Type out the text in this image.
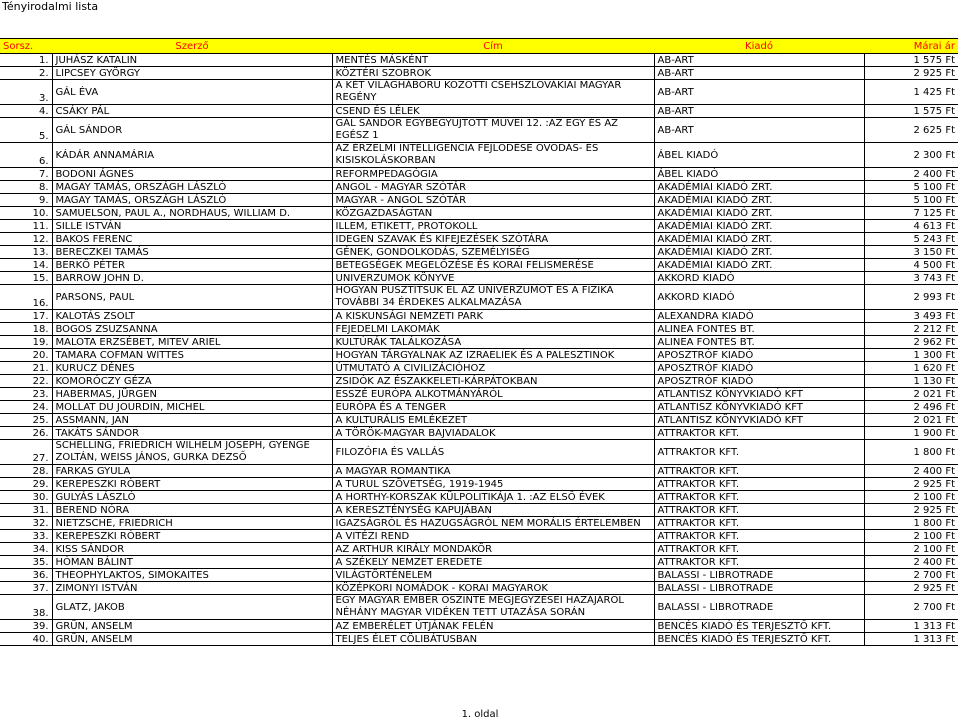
Tényirodalmi lista
Sorsz.	Szerző	Cím	Kiadó	Márai ár
1.	JUHÁSZ KATALIN	MENTÉS MÁSKÉNT	AB-ART	1 575 Ft
2.	LIPCSEY GYÖRGY	KÖZTÉRI SZOBROK	AB-ART	2 925 Ft
3.	GÁL ÉVA	A KÉT VILÁGHÁBORÚ KÖZÖTTI CSEHSZLOVÁKIAI MAGYAR REGÉNY	AB-ART	1 425 Ft
4.	CSÁKY PÁL	CSEND ÉS LÉLEK	AB-ART	1 575 Ft
5.	GÁL SÁNDOR	GÁL SÁNDOR EGYBEGYŰJTÖTT MŰVEI 12. :AZ EGY ÉS AZ EGÉSZ 1	AB-ART	2 625 Ft
6.	KÁDÁR ANNAMÁRIA	AZ ÉRZELMI INTELLIGENCIA FEJLŐDÉSE ÓVODÁS- ÉS KISISKOLÁSKORBAN	ÁBEL KIADÓ	2 300 Ft
7.	BODONI ÁGNES	REFORMPEDAGÓGIA	ÁBEL KIADÓ	2 400 Ft
8.	MAGAY TAMÁS, ORSZÁGH LÁSZLÓ	ANGOL - MAGYAR SZÓTÁR	AKADÉMIAI KIADÓ ZRT.	5 100 Ft
9.	MAGAY TAMÁS, ORSZÁGH LÁSZLÓ	MAGYAR - ANGOL SZÓTÁR	AKADÉMIAI KIADÓ ZRT.	5 100 Ft
10.	SAMUELSON, PAUL A., NORDHAUS, WILLIAM D.	KÖZGAZDASÁGTAN	AKADÉMIAI KIADÓ ZRT.	7 125 Ft
11.	SILLE ISTVÁN	ILLEM, ETIKETT, PROTOKOLL	AKADÉMIAI KIADÓ ZRT.	4 613 Ft
12.	BAKOS FERENC	IDEGEN SZAVAK ÉS KIFEJEZÉSEK SZÓTÁRA	AKADÉMIAI KIADÓ ZRT.	5 243 Ft
13.	BERECZKEI TAMÁS	GÉNEK, GONDOLKODÁS, SZEMÉLYISÉG	AKADÉMIAI KIADÓ ZRT.	3 150 Ft
14.	BERKŐ PÉTER	BETEGSÉGEK MEGELŐZÉSE ÉS KORAI FELISMERÉSE	AKADÉMIAI KIADÓ ZRT.	4 500 Ft
15.	BARROW JOHN D.	UNIVERZUMOK KÖNYVE	AKKORD KIADÓ	3 743 Ft
16.	PARSONS, PAUL	HOGYAN PUSZTÍTSUK EL AZ UNIVERZUMOT ÉS A FIZIKA TOVÁBBI 34 ÉRDEKES ALKALMAZÁSA	AKKORD KIADÓ	2 993 Ft
17.	KALOTÁS ZSOLT	A KISKUNSÁGI NEMZETI PARK	ALEXANDRA KIADÓ	3 493 Ft
18.	BOGOS ZSUZSANNA	FEJEDELMI LAKOMÁK	ALINEA FONTES BT.	2 212 Ft
19.	MALOTA ERZSÉBET, MITEV ARIEL	KULTÚRÁK TALÁLKOZÁSA	ALINEA FONTES BT.	2 962 Ft
20.	TAMARA COFMAN WITTES	HOGYAN TÁRGYALNAK AZ IZRAELIEK ÉS A PALESZTINOK	APOSZTRÓF KIADÓ	1 300 Ft
21.	KURUCZ DÉNES	ÚTMUTATÓ A CIVILIZÁCIÓHOZ	APOSZTRÓF KIADÓ	1 620 Ft
22.	KOMORÓCZY GÉZA	ZSIDÓK AZ ÉSZAKKELETI-KÁRPÁTOKBAN	APOSZTRÓF KIADÓ	1 130 Ft
23.	HABERMAS, JÜRGEN	ESSZÉ EURÓPA ALKOTMÁNYÁRÓL	ATLANTISZ KÖNYVKIADÓ KFT	2 021 Ft
24.	MOLLAT DU JOURDIN, MICHEL	EURÓPA ÉS A TENGER	ATLANTISZ KÖNYVKIADÓ KFT	2 496 Ft
25.	ASSMANN, JAN	A KULTURÁLIS EMLÉKEZET	ATLANTISZ KÖNYVKIADÓ KFT	2 021 Ft
26.	TAKÁTS SÁNDOR	A TÖRÖK-MAGYAR BAJVIADALOK	ATTRAKTOR KFT.	1 900 Ft
27.	SCHELLING, FRIEDRICH WILHELM JOSEPH, GYENGE ZOLTÁN, WEISS JÁNOS, GURKA DEZSŐ	FILOZÓFIA ÉS VALLÁS	ATTRAKTOR KFT.	1 800 Ft
28.	FARKAS GYULA	A MAGYAR ROMANTIKA	ATTRAKTOR KFT.	2 400 Ft
29.	KEREPESZKI RÓBERT	A TURUL SZÖVETSÉG, 1919-1945	ATTRAKTOR KFT.	2 925 Ft
30.	GULYÁS LÁSZLÓ	A HORTHY-KORSZAK KÜLPOLITIKÁJA 1. :AZ ELSŐ ÉVEK	ATTRAKTOR KFT.	2 100 Ft
31.	BEREND NÓRA	A KERESZTÉNYSÉG KAPUJÁBAN	ATTRAKTOR KFT.	2 925 Ft
32.	NIETZSCHE, FRIEDRICH	IGAZSÁGRÓL ÉS HAZUGSÁGRÓL NEM MORÁLIS ÉRTELEMBEN	ATTRAKTOR KFT.	1 800 Ft
33.	KEREPESZKI RÓBERT	A VITÉZI REND	ATTRAKTOR KFT.	2 100 Ft
34.	KISS SÁNDOR	AZ ARTHUR KIRÁLY MONDAKÖR	ATTRAKTOR KFT.	2 100 Ft
35.	HÓMAN BÁLINT	A SZÉKELY NEMZET EREDETE	ATTRAKTOR KFT.	2 400 Ft
36.	THEOPHYLAKTOS, SIMOKAITES	VILÁGTÖRTÉNELEM	BALASSI - LIBROTRADE	2 700 Ft
37.	ZIMONYI ISTVÁN	KÖZÉPKORI NOMÁDOK - KORAI MAGYAROK	BALASSI - LIBROTRADE	2 925 Ft
38.	GLATZ, JAKOB	EGY MAGYAR EMBER ŐSZINTE MEGJEGYZÉSEI HAZÁJÁRÓL NÉHÁNY MAGYAR VIDÉKEN TETT UTAZÁSA SORÁN	BALASSI - LIBROTRADE	2 700 Ft
39.	GRÜN, ANSELM	AZ EMBERÉLET ÚTJÁNAK FELÉN	BENCÉS KIADÓ ÉS TERJESZTŐ KFT.	1 313 Ft
40.	GRÜN, ANSELM	TELJES ÉLET CÖLIBÁTUSBAN	BENCÉS KIADÓ ÉS TERJESZTŐ KFT.	1 313 Ft
1. oldal
